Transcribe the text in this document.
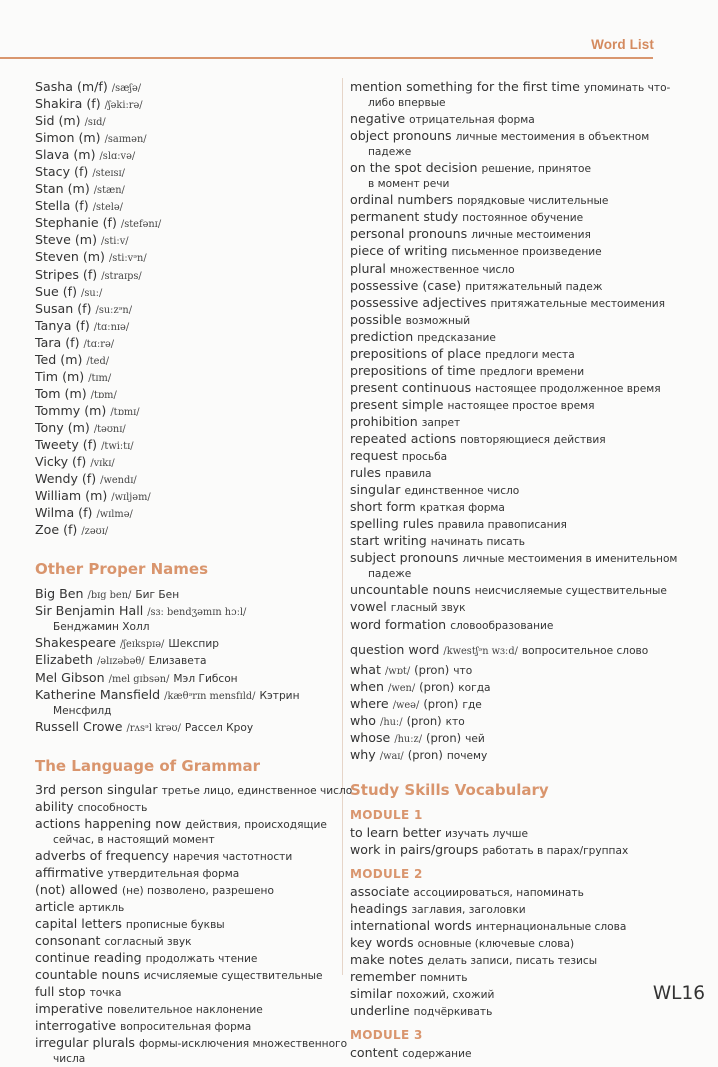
Word List
Sasha (m/f) /sæʃə/
Shakira (f) /ʃəkiːrə/
Sid (m) /sɪd/
Simon (m) /saɪmən/
Slava (m) /slɑːvə/
Stacy (f) /steɪsɪ/
Stan (m) /stæn/
Stella (f) /stelə/
Stephanie (f) /stefənɪ/
Steve (m) /stiːv/
Steven (m) /stiːvᵊn/
Stripes (f) /straɪps/
Sue (f) /suː/
Susan (f) /suːzᵊn/
Tanya (f) /tɑːnɪə/
Tara (f) /tɑːrə/
Ted (m) /ted/
Tim (m) /tɪm/
Tom (m) /tɒm/
Tommy (m) /tɒmɪ/
Tony (m) /təʊnɪ/
Tweety (f) /twiːtɪ/
Vicky (f) /vɪkɪ/
Wendy (f) /wendɪ/
William (m) /wɪljəm/
Wilma (f) /wɪlmə/
Zoe (f) /zəʊɪ/
Other Proper Names
Big Ben /bɪg ben/ Биг Бен
Sir Benjamin Hall /sɜː bendʒəmɪn hɔːl/
Бенджамин Холл
Shakespeare /ʃeɪkspɪə/ Шекспир
Elizabeth /əlɪzəbəθ/ Елизавета
Mel Gibson /mel gɪbsən/ Мэл Гибсон
Katherine Mansfield /kæθᵊrɪn mensfɪld/ Кэтрин
Менсфилд
Russell Crowe /rʌsᵊl krəʊ/ Рассел Кроу
The Language of Grammar
3rd person singular третье лицо, единственное число
ability способность
actions happening now действия, происходящие
сейчас, в настоящий момент
adverbs of frequency наречия частотности
affirmative утвердительная форма
(not) allowed (не) позволено, разрешено
article артикль
capital letters прописные буквы
consonant согласный звук
continue reading продолжать чтение
countable nouns исчисляемые существительные
full stop точка
imperative повелительное наклонение
interrogative вопросительная форма
irregular plurals формы-исключения множественного
числа
mention something for the first time упоминать что-
либо впервые
negative отрицательная форма
object pronouns личные местоимения в объектном
падеже
on the spot decision решение, принятое
в момент речи
ordinal numbers порядковые числительные
permanent study постоянное обучение
personal pronouns личные местоимения
piece of writing письменное произведение
plural множественное число
possessive (case) притяжательный падеж
possessive adjectives притяжательные местоимения
possible возможный
prediction предсказание
prepositions of place предлоги места
prepositions of time предлоги времени
present continuous настоящее продолженное время
present simple настоящее простое время
prohibition запрет
repeated actions повторяющиеся действия
request просьба
rules правила
singular единственное число
short form краткая форма
spelling rules правила правописания
start writing начинать писать
subject pronouns личные местоимения в именительном
падеже
uncountable nouns неисчисляемые существительные
vowel гласный звук
word formation словообразование
question word /kwestʃᵊn wɜːd/ вопросительное слово
what /wɒt/ (pron) что
when /wen/ (pron) когда
where /weə/ (pron) где
who /huː/ (pron) кто
whose /huːz/ (pron) чей
why /waɪ/ (pron) почему
Study Skills Vocabulary
MODULE 1
to learn better изучать лучше
work in pairs/groups работать в парах/группах
MODULE 2
associate ассоциироваться, напоминать
headings заглавия, заголовки
international words интернациональные слова
key words основные (ключевые слова)
make notes делать записи, писать тезисы
remember помнить
similar похожий, схожий
underline подчёркивать
MODULE 3
content содержание
WL16
